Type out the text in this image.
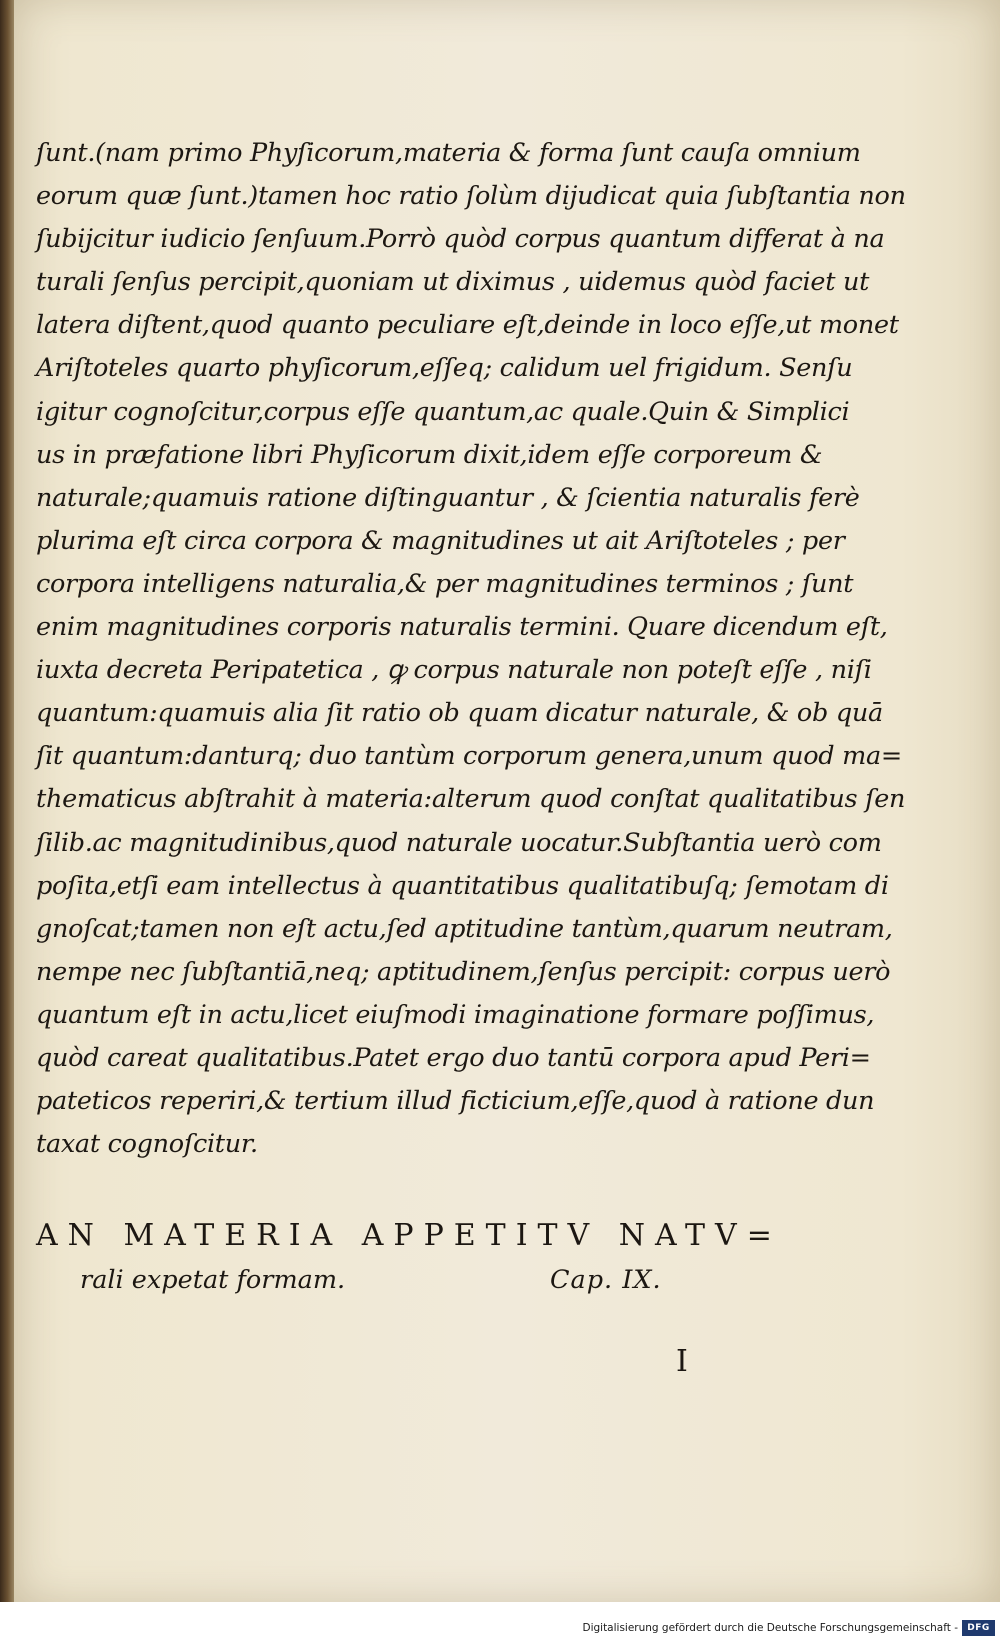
ſunt.(nam primo Phyſicorum,materia & forma ſunt cauſa omnium
eorum quæ ſunt.)tamen hoc ratio ſolùm dijudicat quia ſubſtantia non
ſubijcitur iudicio ſenſuum.Porrò quòd corpus quantum differat à na
turali ſenſus percipit,quoniam ut diximus , uidemus quòd faciet ut
latera diſtent,quod quanto peculiare eſt,deinde in loco eſſe,ut monet
Ariſtoteles quarto phyſicorum,eſſeq; calidum uel frigidum. Senſu
igitur cognoſcitur,corpus eſſe quantum,ac quale.Quin & Simplici
us in præfatione libri Phyſicorum dixit,idem eſſe corporeum &
naturale;quamuis ratione diſtinguantur , & ſcientia naturalis ferè
plurima eſt circa corpora & magnitudines ut ait Ariſtoteles ; per
corpora intelligens naturalia,& per magnitudines terminos ; ſunt
enim magnitudines corporis naturalis termini. Quare dicendum eſt,
iuxta decreta Peripatetica , ꝙ corpus naturale non poteſt eſſe , niſi
quantum:quamuis alia ſit ratio ob quam dicatur naturale, & ob quā
ſit quantum:danturq; duo tantùm corporum genera,unum quod ma=
thematicus abſtrahit à materia:alterum quod conſtat qualitatibus ſen
ſilib.ac magnitudinibus,quod naturale uocatur.Subſtantia uerò com
poſita,etſi eam intellectus à quantitatibus qualitatibuſq; ſemotam di
gnoſcat;tamen non eſt actu,ſed aptitudine tantùm,quarum neutram,
nempe nec ſubſtantiā,neq; aptitudinem,ſenſus percipit: corpus uerò
quantum eſt in actu,licet eiuſmodi imaginatione formare poſſimus,
quòd careat qualitatibus.Patet ergo duo tantū corpora apud Peri=
pateticos reperiri,& tertium illud ficticium,eſſe,quod à ratione dun
taxat cognoſcitur.
AN MATERIA APPETITV NATV=
rali expetat formam.	Cap. IX.
I
Digitalisierung gefördert durch die Deutsche Forschungsgemeinschaft -	DFG
